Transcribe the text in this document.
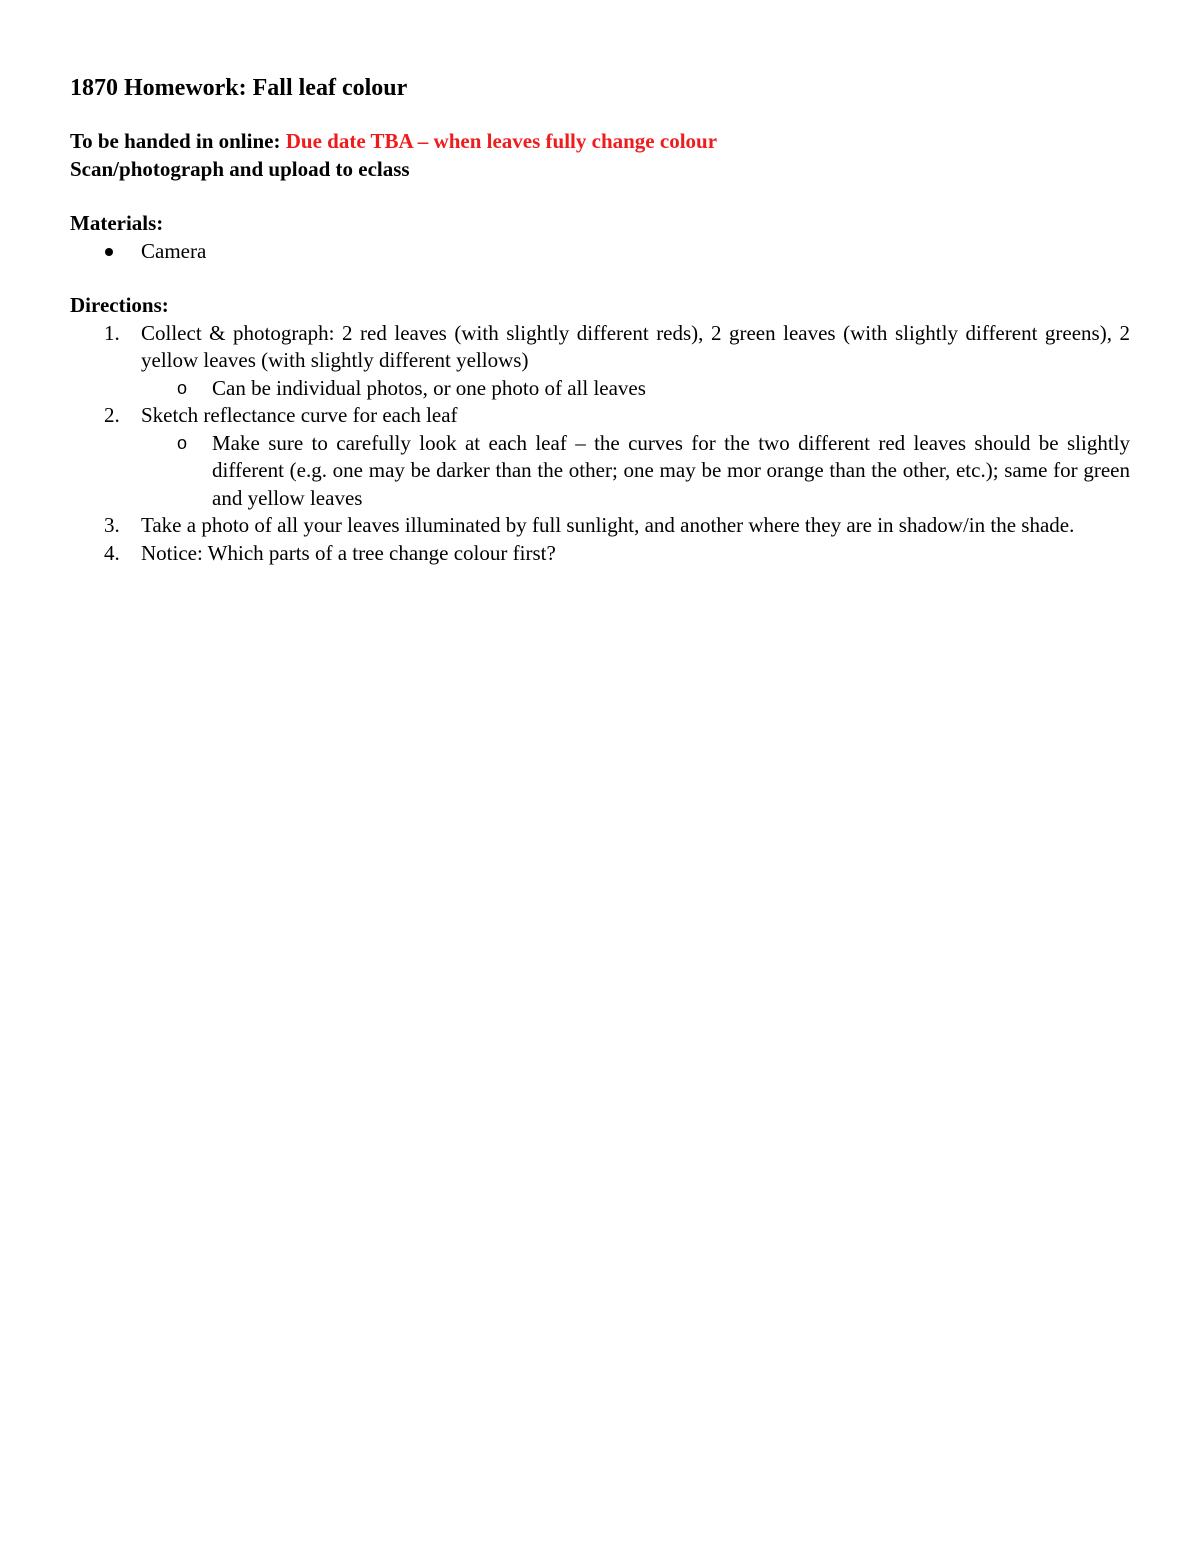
1870 Homework: Fall leaf colour

To be handed in online: Due date TBA – when leaves fully change colour

Scan/photograph and upload to eclass

Materials:

Camera

Directions:

1. Collect & photograph: 2 red leaves (with slightly different reds), 2 green leaves (with slightly different greens), 2 yellow leaves (with slightly different yellows)
o Can be individual photos, or one photo of all leaves
2. Sketch reflectance curve for each leaf
o Make sure to carefully look at each leaf – the curves for the two different red leaves should be slightly different (e.g. one may be darker than the other; one may be mor orange than the other, etc.); same for green and yellow leaves
3. Take a photo of all your leaves illuminated by full sunlight, and another where they are in shadow/in the shade.
4. Notice: Which parts of a tree change colour first?
